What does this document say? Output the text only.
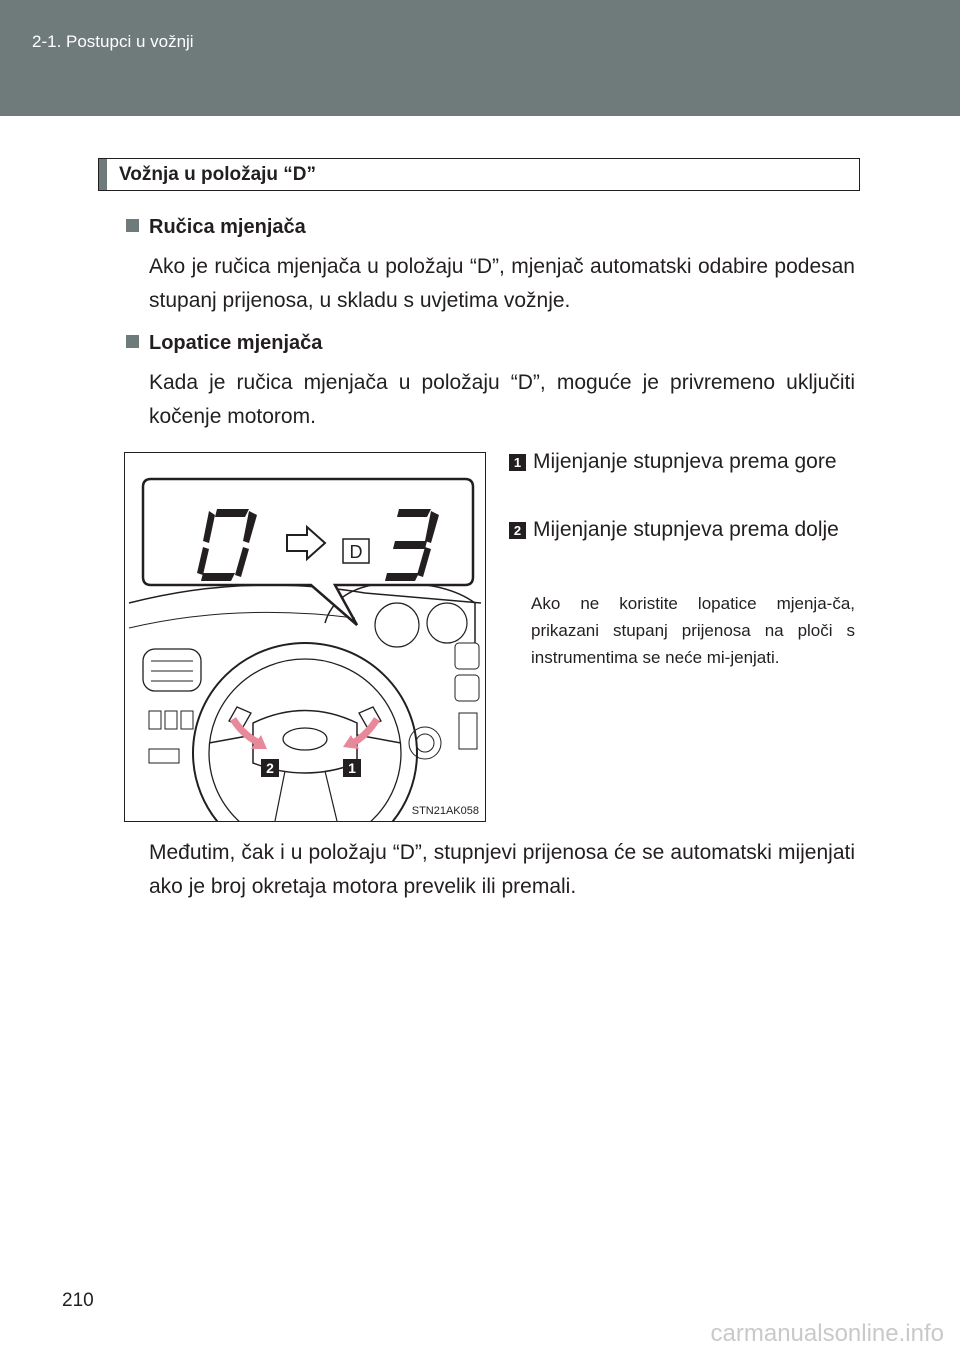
2-1. Postupci u vožnji
Vožnja u položaju “D”
Ručica mjenjača
Ako je ručica mjenjača u položaju “D”, mjenjač automatski odabire podesan stupanj prijenosa, u skladu s uvjetima vožnje.
Lopatice mjenjača
Kada je ručica mjenjača u položaju “D”, moguće je privremeno uključiti kočenje motorom.
D
2	1
STN21AK058
1 Mijenjanje stupnjeva prema gore
2 Mijenjanje stupnjeva prema dolje
Ako ne koristite lopatice mjenja-ča, prikazani stupanj prijenosa na ploči s instrumentima se neće mi-jenjati.
Međutim, čak i u položaju “D”, stupnjevi prijenosa će se automatski mijenjati ako je broj okretaja motora prevelik ili premali.
210
carmanualsonline.info
